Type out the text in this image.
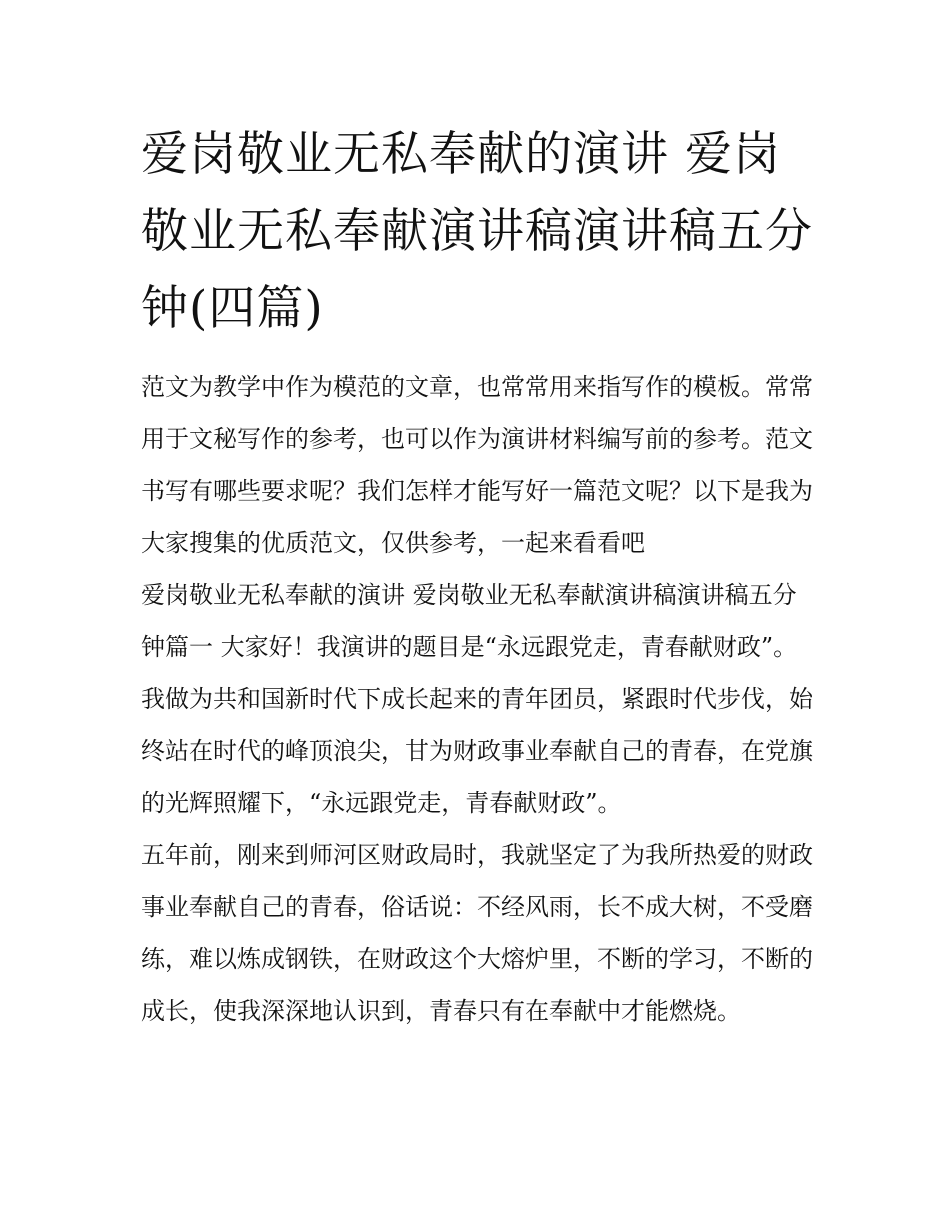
爱岗敬业无私奉献的演讲 爱岗敬业无私奉献演讲稿演讲稿五分钟(四篇)

范文为教学中作为模范的文章，也常常用来指写作的模板。常常用于文秘写作的参考，也可以作为演讲材料编写前的参考。范文书写有哪些要求呢？我们怎样才能写好一篇范文呢？以下是我为大家搜集的优质范文，仅供参考，一起来看看吧

爱岗敬业无私奉献的演讲 爱岗敬业无私奉献演讲稿演讲稿五分钟篇一 大家好！我演讲的题目是“永远跟党走，青春献财政”。

我做为共和国新时代下成长起来的青年团员，紧跟时代步伐，始终站在时代的峰顶浪尖，甘为财政事业奉献自己的青春，在党旗的光辉照耀下，“永远跟党走，青春献财政”。

五年前，刚来到师河区财政局时，我就坚定了为我所热爱的财政事业奉献自己的青春，俗话说：不经风雨，长不成大树，不受磨练，难以炼成钢铁，在财政这个大熔炉里，不断的学习，不断的成长，使我深深地认识到，青春只有在奉献中才能燃烧。
